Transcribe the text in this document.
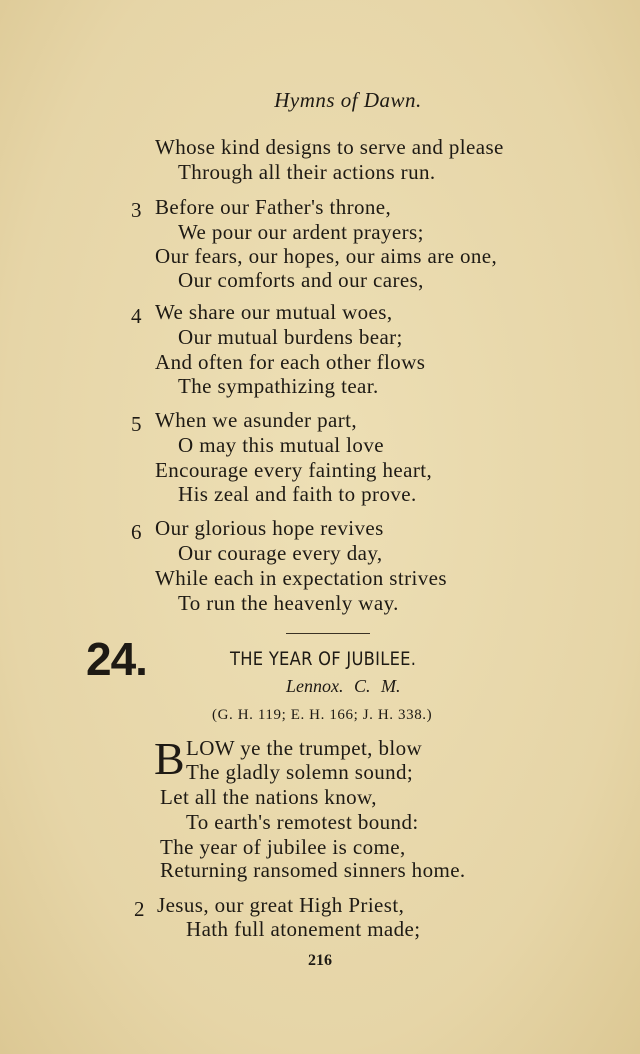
Hymns of Dawn.
Whose kind designs to serve and please
Through all their actions run.
3 Before our Father's throne,
We pour our ardent prayers;
Our fears, our hopes, our aims are one,
Our comforts and our cares,
4 We share our mutual woes,
Our mutual burdens bear;
And often for each other flows
The sympathizing tear.
5 When we asunder part,
O may this mutual love
Encourage every fainting heart,
His zeal and faith to prove.
6 Our glorious hope revives
Our courage every day,
While each in expectation strives
To run the heavenly way.
24.	THE YEAR OF JUBILEE.
Lennox. C. M.
(G. H. 119; E. H. 166; J. H. 338.)
B LOW ye the trumpet, blow
The gladly solemn sound;
Let all the nations know,
To earth's remotest bound:
The year of jubilee is come,
Returning ransomed sinners home.
2 Jesus, our great High Priest,
Hath full atonement made;
216
